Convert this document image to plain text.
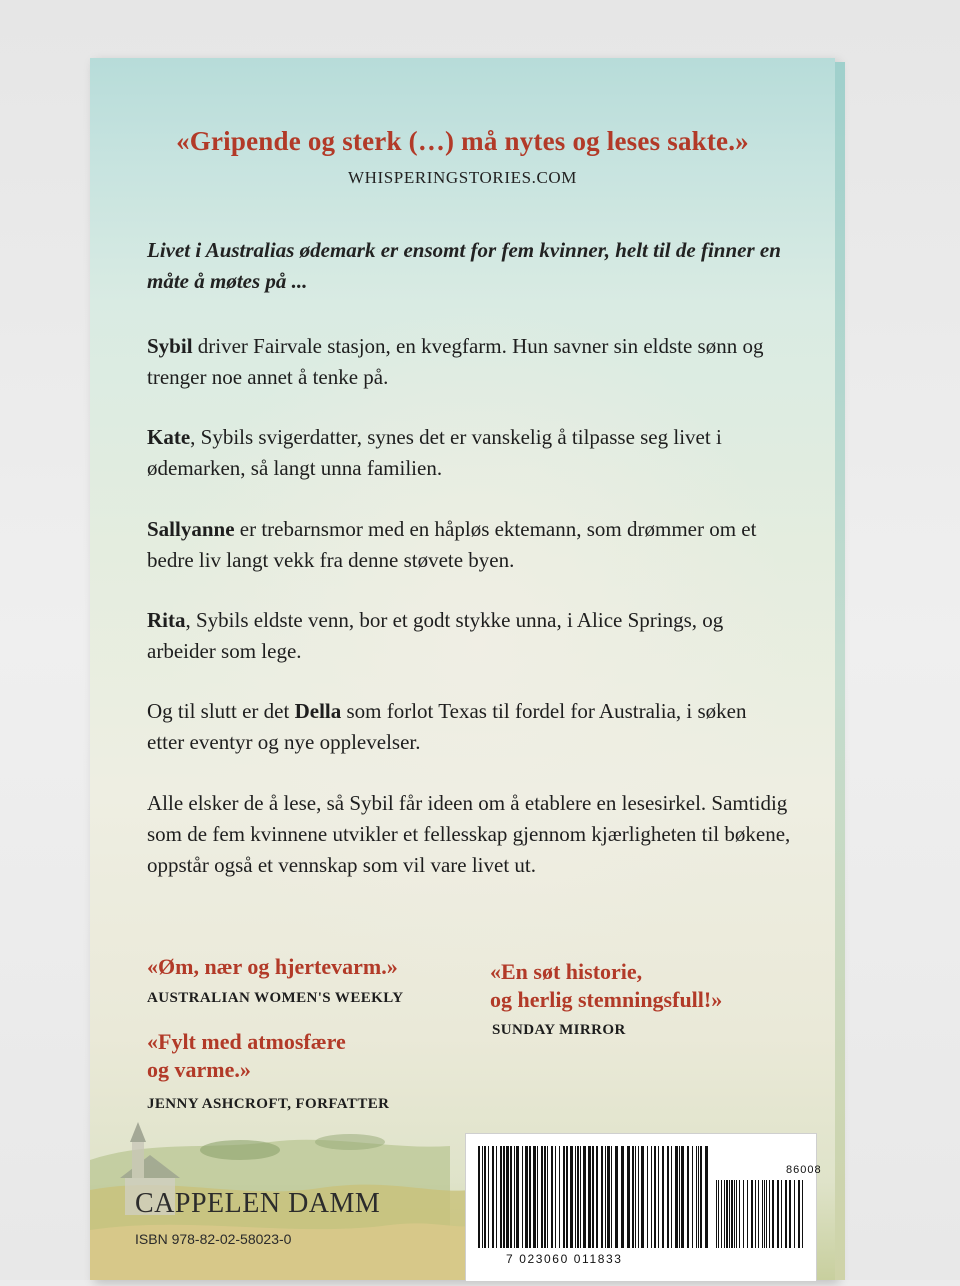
«Gripende og sterk (…) må nytes og leses sakte.»
WHISPERINGSTORIES.COM
Livet i Australias ødemark er ensomt for fem kvinner, helt til de finner en måte å møtes på ...
Sybil driver Fairvale stasjon, en kvegfarm. Hun savner sin eldste sønn og trenger noe annet å tenke på.
Kate, Sybils svigerdatter, synes det er vanskelig å tilpasse seg livet i ødemarken, så langt unna familien.
Sallyanne er trebarnsmor med en håpløs ektemann, som drømmer om et bedre liv langt vekk fra denne støvete byen.
Rita, Sybils eldste venn, bor et godt stykke unna, i Alice Springs, og arbeider som lege.
Og til slutt er det Della som forlot Texas til fordel for Australia, i søken etter eventyr og nye opplevelser.
Alle elsker de å lese, så Sybil får ideen om å etablere en lesesirkel. Samtidig som de fem kvinnene utvikler et fellesskap gjennom kjærligheten til bøkene, oppstår også et vennskap som vil vare livet ut.
«Øm, nær og hjertevarm.»
AUSTRALIAN WOMEN'S WEEKLY
«Fylt med atmosfære
og varme.»
JENNY ASHCROFT, FORFATTER
«En søt historie,
og herlig stemningsfull!»
SUNDAY MIRROR
CAPPELEN DAMM
ISBN 978-82-02-58023-0
86008
7 023060 011833
